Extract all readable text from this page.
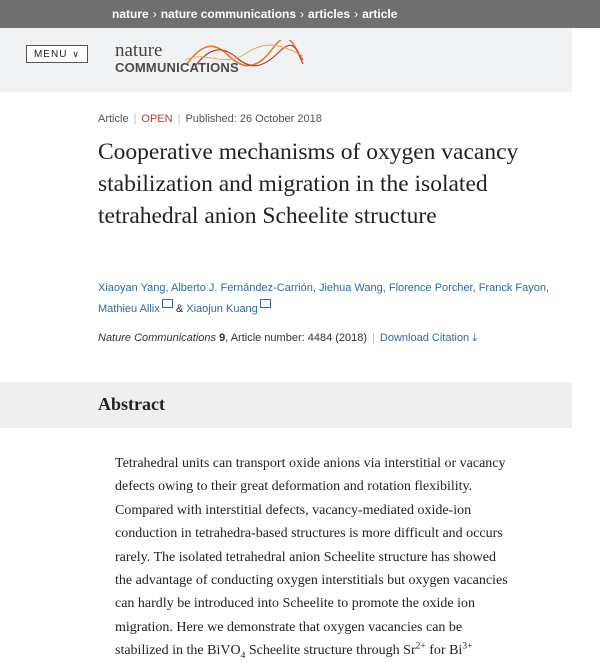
nature › nature communications › articles › article
MENU ∨ nature
COMMUNICATIONS
Article | OPEN | Published: 26 October 2018
Cooperative mechanisms of oxygen vacancy stabilization and migration in the isolated tetrahedral anion Scheelite structure
Xiaoyan Yang, Alberto J. Fernández-Carrión, Jiehua Wang, Florence Porcher, Franck Fayon,
Mathieu Allix & Xiaojun Kuang
Nature Communications 9, Article number: 4484 (2018) | Download Citation ⤓
Abstract

Tetrahedral units can transport oxide anions via interstitial or vacancy
defects owing to their great deformation and rotation flexibility.
Compared with interstitial defects, vacancy-mediated oxide-ion
conduction in tetrahedra-based structures is more difficult and occurs
rarely. The isolated tetrahedral anion Scheelite structure has showed
the advantage of conducting oxygen interstitials but oxygen vacancies
can hardly be introduced into Scheelite to promote the oxide ion
migration. Here we demonstrate that oxygen vacancies can be
stabilized in the BiVO$_4$ Scheelite structure through $Sr^{2+}$ for $Bi^{3+}$
